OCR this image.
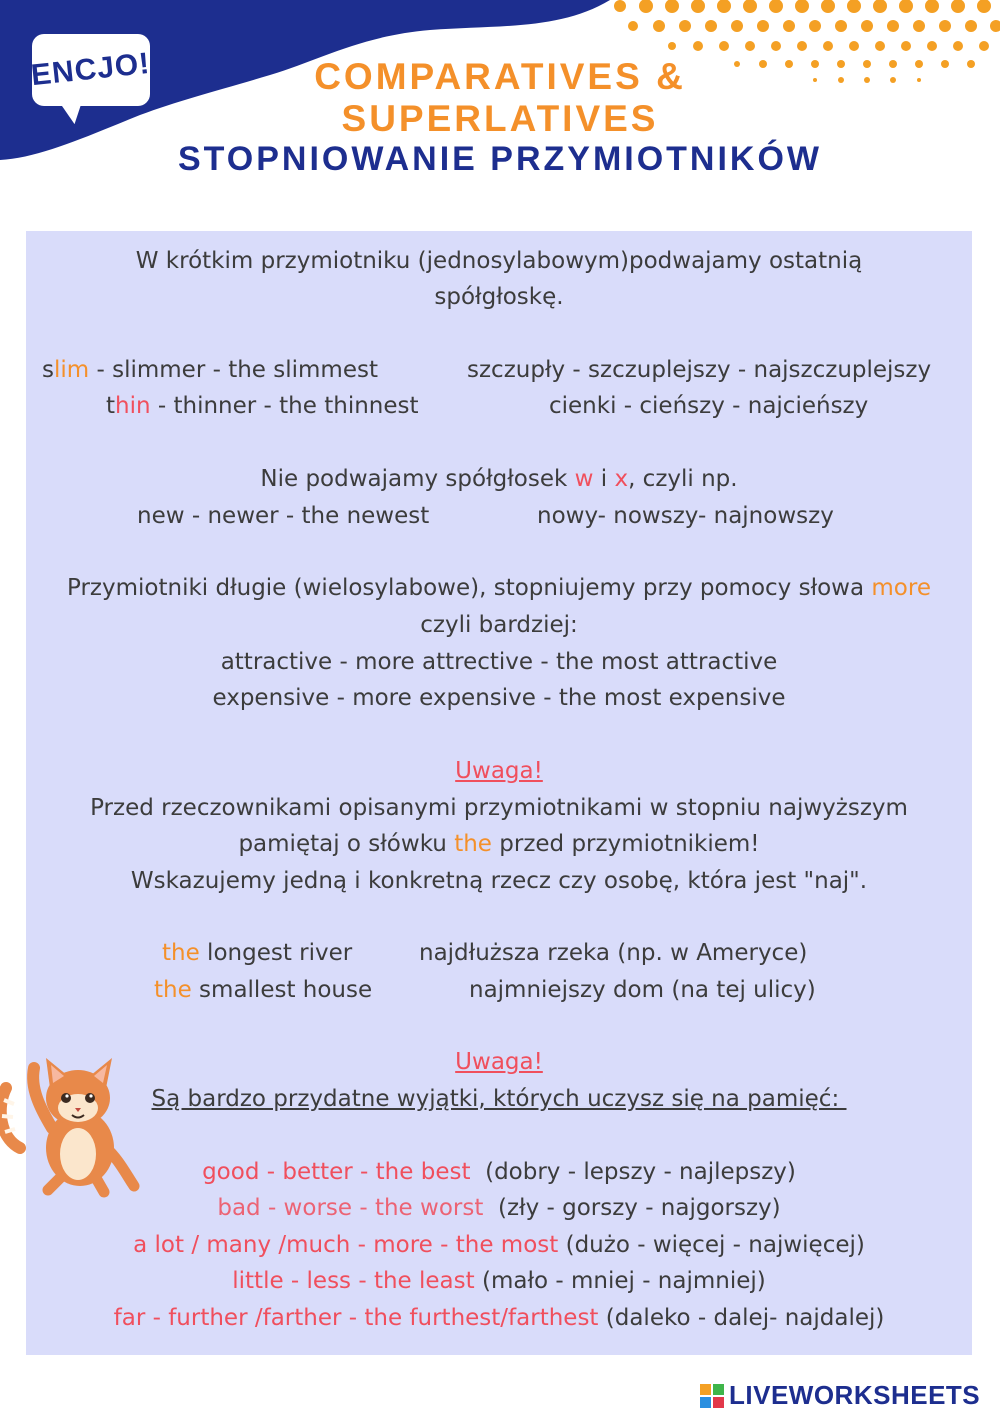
ENCJO!	COMPARATIVES &
SUPERLATIVES
STOPNIOWANIE PRZYMIOTNIKÓW
W krótkim przymiotniku (jednosylabowym)podwajamy ostatnią
spółgłoskę.
slim - slimmer - the slimmest	szczupły - szczuplejszy - najszczuplejszy
thin - thinner - the thinnest	cienki - cieńszy - najcieńszy
Nie podwajamy spółgłosek w i x, czyli np.
new - newer - the newest	nowy- nowszy- najnowszy
Przymiotniki długie (wielosylabowe), stopniujemy przy pomocy słowa more
czyli bardziej:
attractive - more attrective - the most attractive
expensive - more expensive - the most expensive
Uwaga!
Przed rzeczownikami opisanymi przymiotnikami w stopniu najwyższym
pamiętaj o słówku the przed przymiotnikiem!
Wskazujemy jedną i konkretną rzecz czy osobę, która jest "naj".
the longest river	najdłuższa rzeka (np. w Ameryce)
the smallest house	najmniejszy dom (na tej ulicy)
Uwaga!
Są bardzo przydatne wyjątki, których uczysz się na pamięć:
good - better - the best  (dobry - lepszy - najlepszy)
bad - worse - the worst  (zły - gorszy - najgorszy)
a lot / many /much - more - the most (dużo - więcej - najwięcej)
little - less - the least (mało - mniej - najmniej)
far - further /farther - the furthest/farthest (daleko - dalej- najdalej)
LIVEWORKSHEETS
